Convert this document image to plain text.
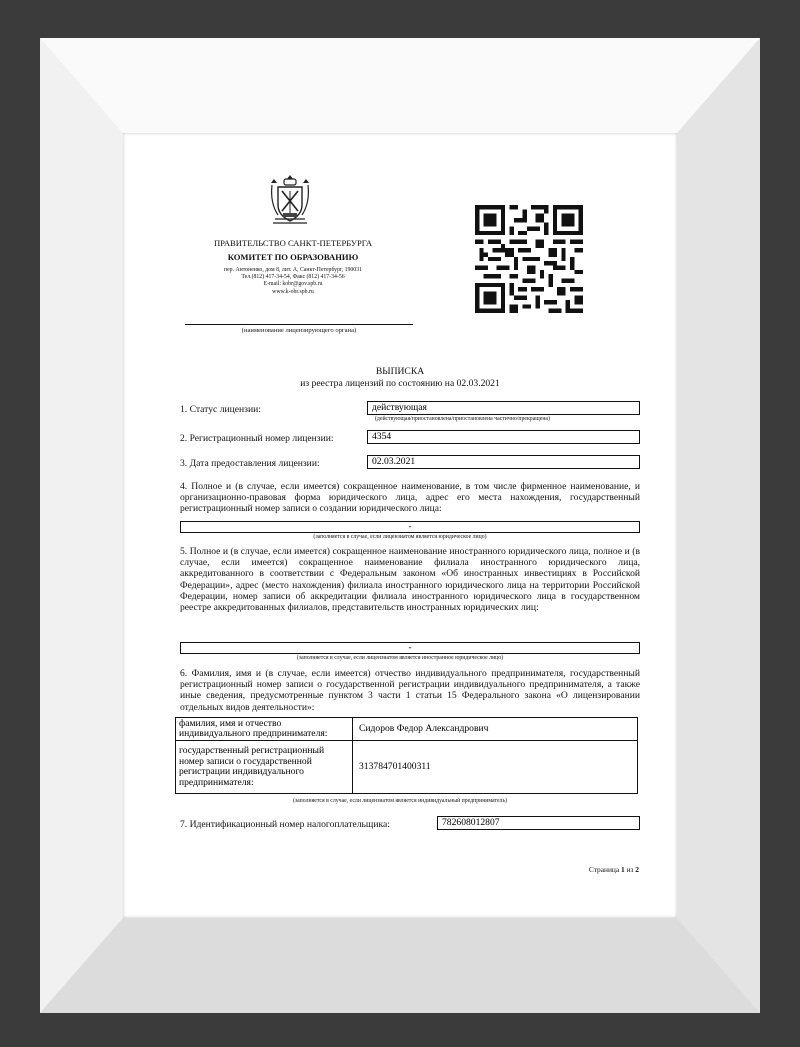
ПРАВИТЕЛЬСТВО САНКТ-ПЕТЕРБУРГА
КОМИТЕТ ПО ОБРАЗОВАНИЮ
пер. Антоненко, дом 8, лит. А, Санкт-Петербург, 190031
Тел.(812) 417-34-54, Факс (812) 417-34-56
E-mail: kobr@gov.spb.ru
www.k-obr.spb.ru
(наименование лицензирующего органа)
ВЫПИСКА
из реестра лицензий по состоянию на 02.03.2021
1. Статус лицензии:	действующая
(действующая/приостановлена/приостановлена частично/прекращена)
2. Регистрационный номер лицензии:	4354
3. Дата предоставления лицензии:	02.03.2021
4. Полное и (в случае, если имеется) сокращенное наименование, в том числе фирменное наименование, и организационно-правовая форма юридического лица, адрес его места нахождения, государственный регистрационный номер записи о создании юридического лица:
-
(заполняется в случае, если лицензиатом является юридическое лицо)
5. Полное и (в случае, если имеется) сокращенное наименование иностранного юридического лица, полное и (в случае, если имеется) сокращенное наименование филиала иностранного юридического лица, аккредитованного в соответствии с Федеральным законом «Об иностранных инвестициях в Российской Федерации», адрес (место нахождения) филиала иностранного юридического лица на территории Российской Федерации, номер записи об аккредитации филиала иностранного юридического лица в государственном реестре аккредитованных филиалов, представительств иностранных юридических лиц:
-
(заполняется в случае, если лицензиатом является иностранное юридическое лицо)
6. Фамилия, имя и (в случае, если имеется) отчество индивидуального предпринимателя, государственный регистрационный номер записи о государственной регистрации индивидуального предпринимателя, а также иные сведения, предусмотренные пунктом 3 части 1 статьи 15 Федерального закона «О лицензировании отдельных видов деятельности»:
фамилия, имя и отчество индивидуального предпринимателя:	Сидоров Федор Александрович
государственный регистрационный номер записи о государственной регистрации индивидуального предпринимателя:	313784701400311
(заполняется в случае, если лицензиатом является индивидуальный предприниматель)
7. Идентификационный номер налогоплательщика:	782608012807
Страница 1 из 2
